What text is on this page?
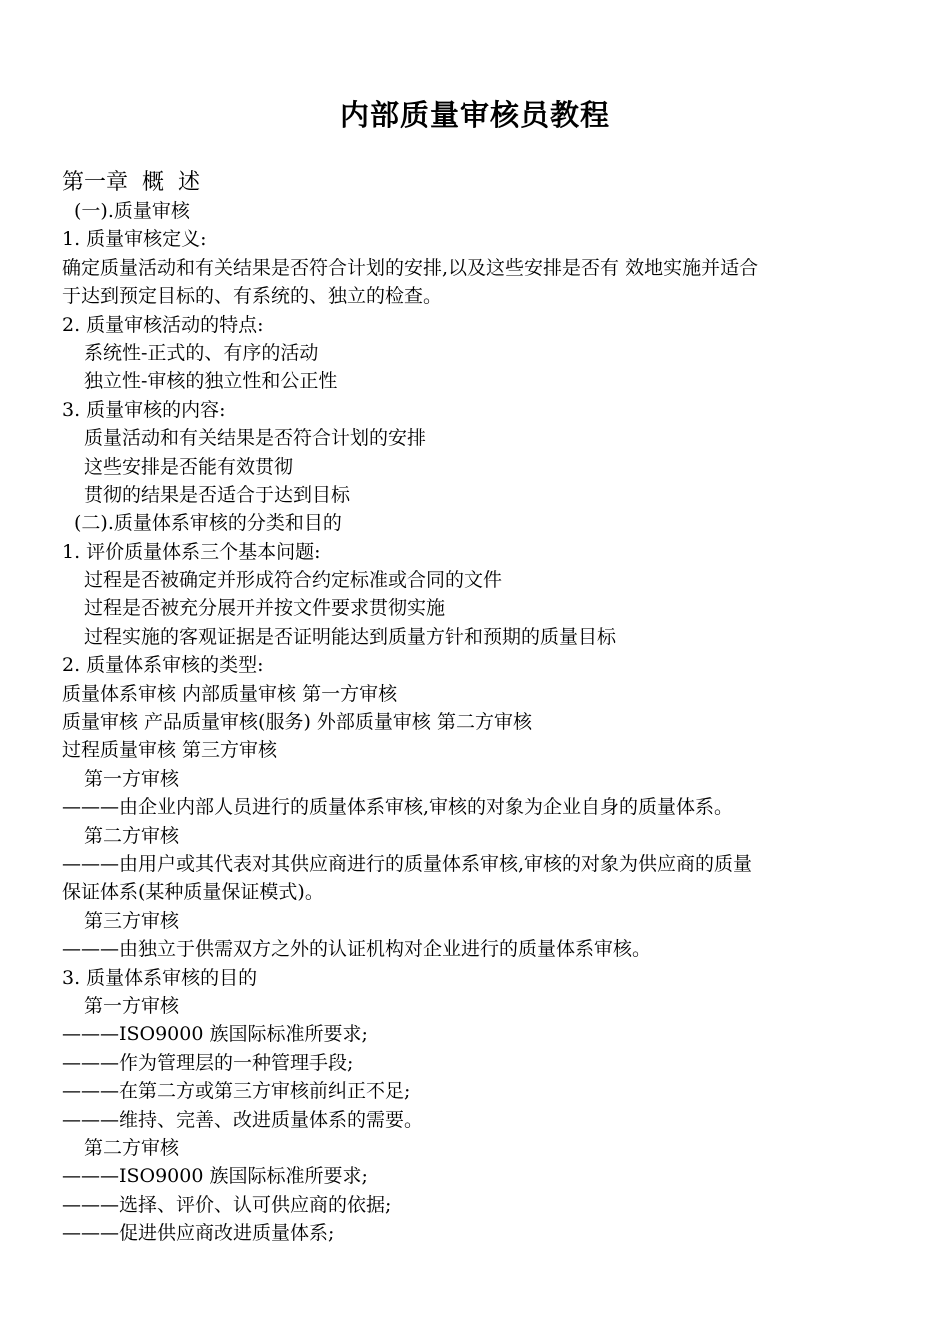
内部质量审核员教程
第一章  概  述
(一).质量审核
1. 质量审核定义:
确定质量活动和有关结果是否符合计划的安排,以及这些安排是否有 效地实施并适合
于达到预定目标的、有系统的、独立的检查。
2. 质量审核活动的特点:
系统性-正式的、有序的活动
独立性-审核的独立性和公正性
3. 质量审核的内容:
质量活动和有关结果是否符合计划的安排
这些安排是否能有效贯彻
贯彻的结果是否适合于达到目标
(二).质量体系审核的分类和目的
1. 评价质量体系三个基本问题:
过程是否被确定并形成符合约定标准或合同的文件
过程是否被充分展开并按文件要求贯彻实施
过程实施的客观证据是否证明能达到质量方针和预期的质量目标
2. 质量体系审核的类型:
质量体系审核 内部质量审核 第一方审核
质量审核 产品质量审核(服务) 外部质量审核 第二方审核
过程质量审核 第三方审核
第一方审核
———由企业内部人员进行的质量体系审核,审核的对象为企业自身的质量体系。
第二方审核
———由用户或其代表对其供应商进行的质量体系审核,审核的对象为供应商的质量
保证体系(某种质量保证模式)。
第三方审核
———由独立于供需双方之外的认证机构对企业进行的质量体系审核。
3. 质量体系审核的目的
第一方审核
———ISO9000 族国际标准所要求;
———作为管理层的一种管理手段;
———在第二方或第三方审核前纠正不足;
———维持、完善、改进质量体系的需要。
第二方审核
———ISO9000 族国际标准所要求;
———选择、评价、认可供应商的依据;
———促进供应商改进质量体系;
